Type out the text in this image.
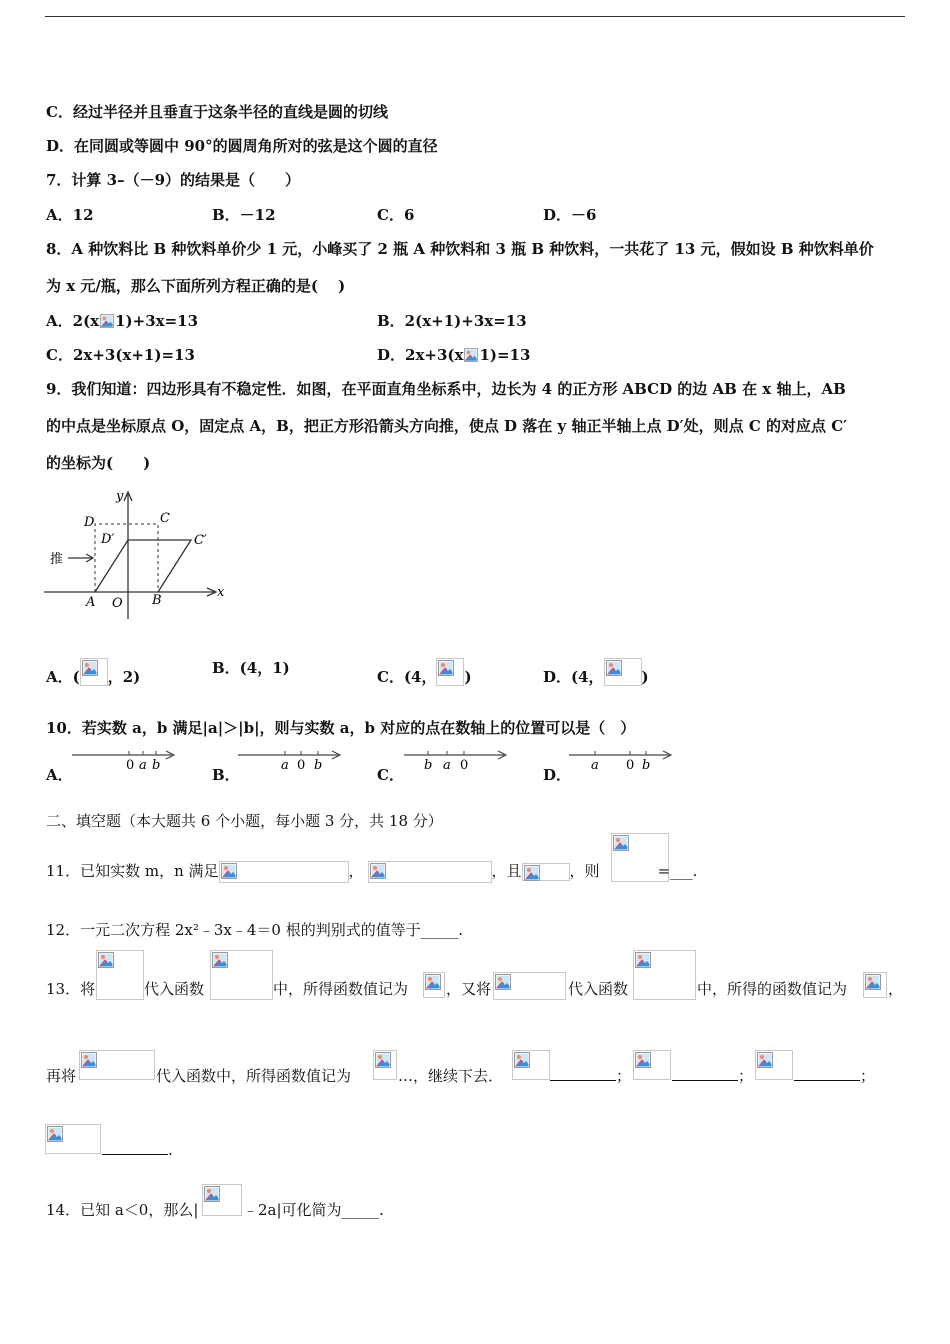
C．经过半径并且垂直于这条半径的直线是圆的切线
D．在同圆或等圆中 90°的圆周角所对的弦是这个圆的直径
7．计算 3–（－9）的结果是（　　）
A．12	B．－12	C．6	D．－6
8．A 种饮料比 B 种饮料单价少 1 元，小峰买了 2 瓶 A 种饮料和 3 瓶 B 种饮料，一共花了 13 元，假如设 B 种饮料单价
为 x 元/瓶，那么下面所列方程正确的是(　 )
A．2(x 1)+3x=13	B．2(x+1)+3x=13
C．2x+3(x+1)=13	D．2x+3(x 1)=13
9．我们知道：四边形具有不稳定性．如图，在平面直角坐标系中，边长为 4 的正方形 ABCD 的边 AB 在 x 轴上，AB
的中点是坐标原点 O，固定点 A，B，把正方形沿箭头方向推，使点 D 落在 y 轴正半轴上点 D′处，则点 C 的对应点 C′
的坐标为(　　)
推
D	C
D′	C′
A O B
x
y
A．( ，2)	B．(4，1)	C．(4， )	D．(4，	)
10．若实数 a，b 满足|a|＞|b|，则与实数 a，b 对应的点在数轴上的位置可以是（　）
A．
0 a b
B．
a 0 b
C．
b a 0
D．
a 0 b
二、填空题（本大题共 6 个小题，每小题 3 分，共 18 分）
11．已知实数 m，n 满足	，	，且	，则	=___.
12．一元二次方程 2x²﹣3x﹣4＝0 根的判别式的值等于_____.
13．将	代入函数	中，所得函数值记为	，又将	代入函数	中，所得的函数值记为	，
再将	代入函数中，所得函数值记为	…，继续下去．	；	；	；
.
14．已知 a＜0，那么|	﹣2a|可化简为_____.
